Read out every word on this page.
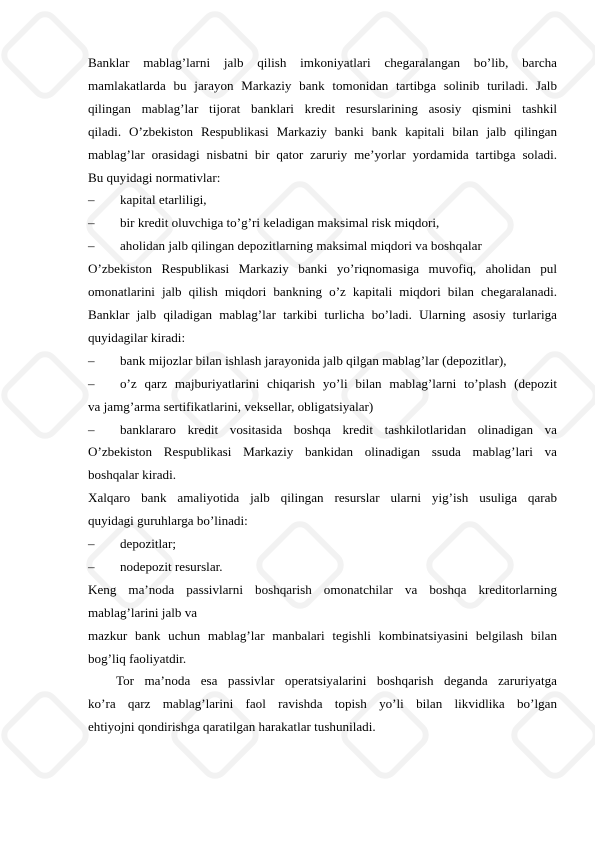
Banklar mablag’larni jalb qilish imkoniyatlari chegaralangan bo’lib, barcha

mamlakatlarda bu jarayon Markaziy bank tomonidan tartibga solinib turiladi. Jalb

qilingan mablag’lar tijorat banklari kredit resurslarining asosiy qismini tashkil

qiladi. O’zbekiston Respublikasi Markaziy banki bank kapitali bilan jalb qilingan

mablag’lar orasidagi nisbatni bir qator zaruriy me’yorlar yordamida tartibga soladi.

Bu quyidagi normativlar:

– kapital etarliligi,
– bir kredit oluvchiga to’g’ri keladigan maksimal risk miqdori,
– aholidan jalb qilingan depozitlarning maksimal miqdori va boshqalar

O’zbekiston Respublikasi Markaziy banki yo’riqnomasiga muvofiq, aholidan pul

omonatlarini jalb qilish miqdori bankning o’z kapitali miqdori bilan chegaralanadi.

Banklar jalb qiladigan mablag’lar tarkibi turlicha bo’ladi. Ularning asosiy turlariga

quyidagilar kiradi:

– bank mijozlar bilan ishlash jarayonida jalb qilgan mablag’lar (depozitlar),

– o’z qarz majburiyatlarini chiqarish yo’li bilan mablag’larni to’plash (depozit

va jamg’arma sertifikatlarini, veksellar, obligatsiyalar)

– banklararo kredit vositasida boshqa kredit tashkilotlaridan olinadigan va

O’zbekiston Respublikasi Markaziy bankidan olinadigan ssuda mablag’lari va

boshqalar kiradi.

Xalqaro bank amaliyotida jalb qilingan resurslar ularni yig’ish usuliga qarab

quyidagi guruhlarga bo’linadi:

– depozitlar;
– nodepozit resurslar.

Keng ma’noda passivlarni boshqarish omonatchilar va boshqa kreditorlarning

mablag’larini jalb va

mazkur bank uchun mablag’lar manbalari tegishli kombinatsiyasini belgilash bilan

bog’liq faoliyatdir.

Tor ma’noda esa passivlar operatsiyalarini boshqarish deganda zaruriyatga

ko’ra qarz mablag’larini faol ravishda topish yo’li bilan likvidlika bo’lgan

ehtiyojni qondirishga qaratilgan harakatlar tushuniladi.
